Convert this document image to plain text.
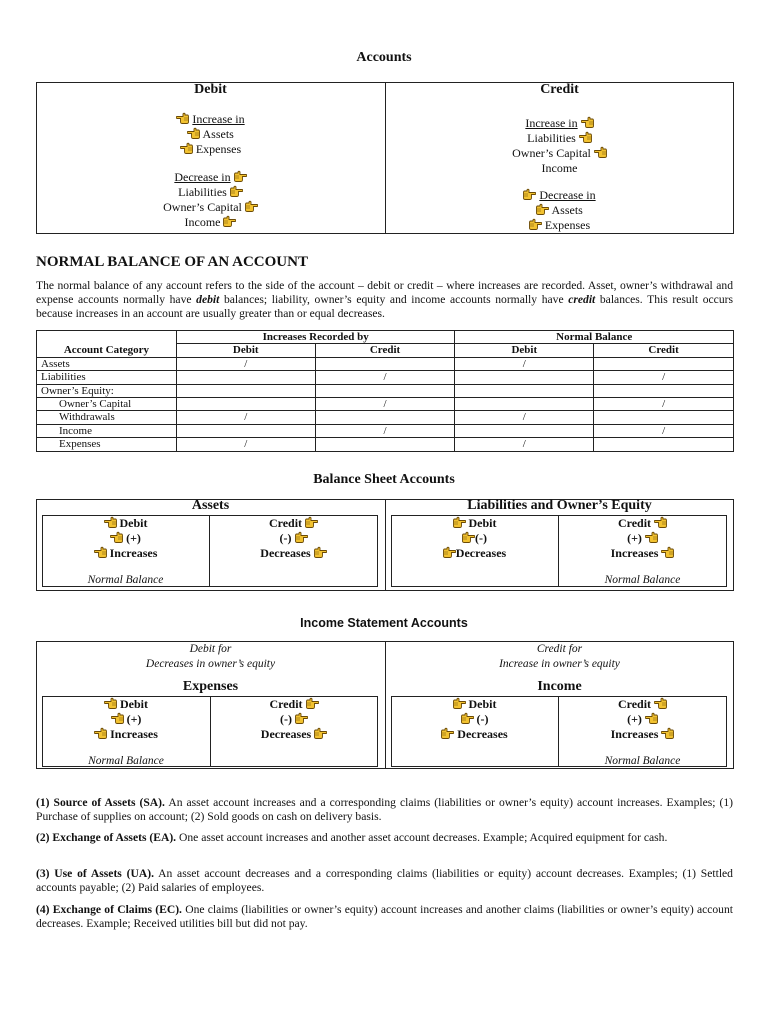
Accounts
Debit	Credit
Increase in
Assets
Expenses
Decrease in
Liabilities
Owner’s Capital
Income
Increase in
Liabilities
Owner’s Capital
Income
Decrease in
Assets
Expenses
NORMAL BALANCE OF AN ACCOUNT
The normal balance of any account refers to the side of the account – debit or credit – where increases are recorded. Asset, owner’s withdrawal and expense accounts normally have debit balances; liability, owner’s equity and income accounts normally have credit balances. This result occurs because increases in an account are usually greater than or equal decreases.
	Increases Recorded by		Normal Balance	
Account Category	Debit	Credit	Debit	Credit
Assets	/		/	
Liabilities		/		/
Owner’s Equity:				
Owner’s Capital		/		/
Withdrawals	/		/	
Income		/		/
Expenses	/		/	
Balance Sheet Accounts
Assets	Liabilities and Owner’s Equity
Debit
(+)
Increases
Credit
(-)
Decreases
Normal Balance
Debit
(-)
Decreases
Credit
(+)
Increases
Normal Balance
Income Statement Accounts
Debit for
Decreases in owner’s equity
Credit for
Increase in owner’s equity
Expenses	Income
Debit
(+)
Increases
Credit
(-)
Decreases
Normal Balance
Debit
(-)
Decreases
Credit
(+)
Increases
Normal Balance
(1) Source of Assets (SA). An asset account increases and a corresponding claims (liabilities or owner’s equity) account increases. Examples; (1) Purchase of supplies on account; (2) Sold goods on cash on delivery basis.
(2) Exchange of Assets (EA). One asset account increases and another asset account decreases. Example; Acquired equipment for cash.
(3) Use of Assets (UA). An asset account decreases and a corresponding claims (liabilities or equity) account decreases. Examples; (1) Settled accounts payable; (2) Paid salaries of employees.
(4) Exchange of Claims (EC). One claims (liabilities or owner’s equity) account increases and another claims (liabilities or owner’s equity) account decreases. Example; Received utilities bill but did not pay.
